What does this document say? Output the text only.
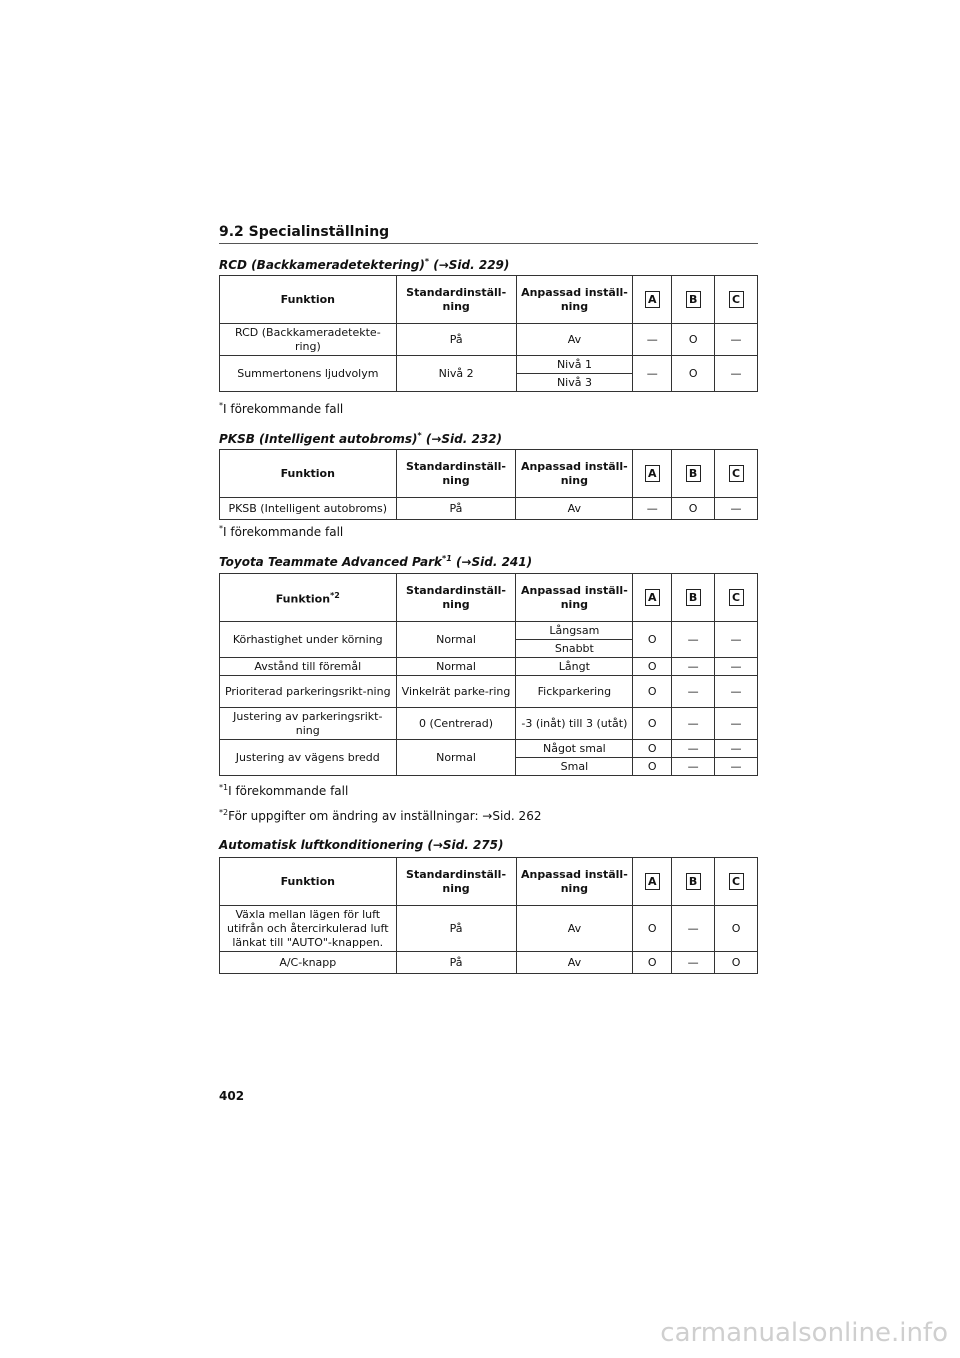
9.2 Specialinställning
RCD (Backkameradetektering)* (→Sid. 229)
Funktion	Standardinställ-ning	Anpassad inställ-ning	A	B	C
RCD (Backkameradetekte-ring)	På	Av	—	O	—
Summertonens ljudvolym	Nivå 2	Nivå 1	—	O	—
		Nivå 3			
*I förekommande fall
PKSB (Intelligent autobroms)* (→Sid. 232)
Funktion	Standardinställ-ning	Anpassad inställ-ning	A	B	C
PKSB (Intelligent autobroms)	På	Av	—	O	—
*I förekommande fall
Toyota Teammate Advanced Park$^{*1}$ (→Sid. 241)
Funktion$^{*2}$	Standardinställ-ning	Anpassad inställ-ning	A	B	C
Körhastighet under körning	Normal	Långsam	O	—	—
		Snabbt			
Avstånd till föremål	Normal	Långt	O	—	—
Prioriterad parkeringsrikt-ning	Vinkelrät parke-ring	Fickparkering	O	—	—
Justering av parkeringsrikt-ning	0 (Centrerad)	-3 (inåt) till 3 (utåt)	O	—	—
Justering av vägens bredd	Normal	Något smal	O	—	—
		Smal	O	—	—
$^{*1}$I förekommande fall
$^{*2}$För uppgifter om ändring av inställningar: →Sid. 262
Automatisk luftkonditionering (→Sid. 275)
Funktion	Standardinställ-ning	Anpassad inställ-ning	A	B	C
Växla mellan lägen för luft utifrån och återcirkulerad luft länkat till "AUTO"-knappen.	På	Av	O	—	O
A/C-knapp	På	Av	O	—	O
402
carmanualsonline.info
